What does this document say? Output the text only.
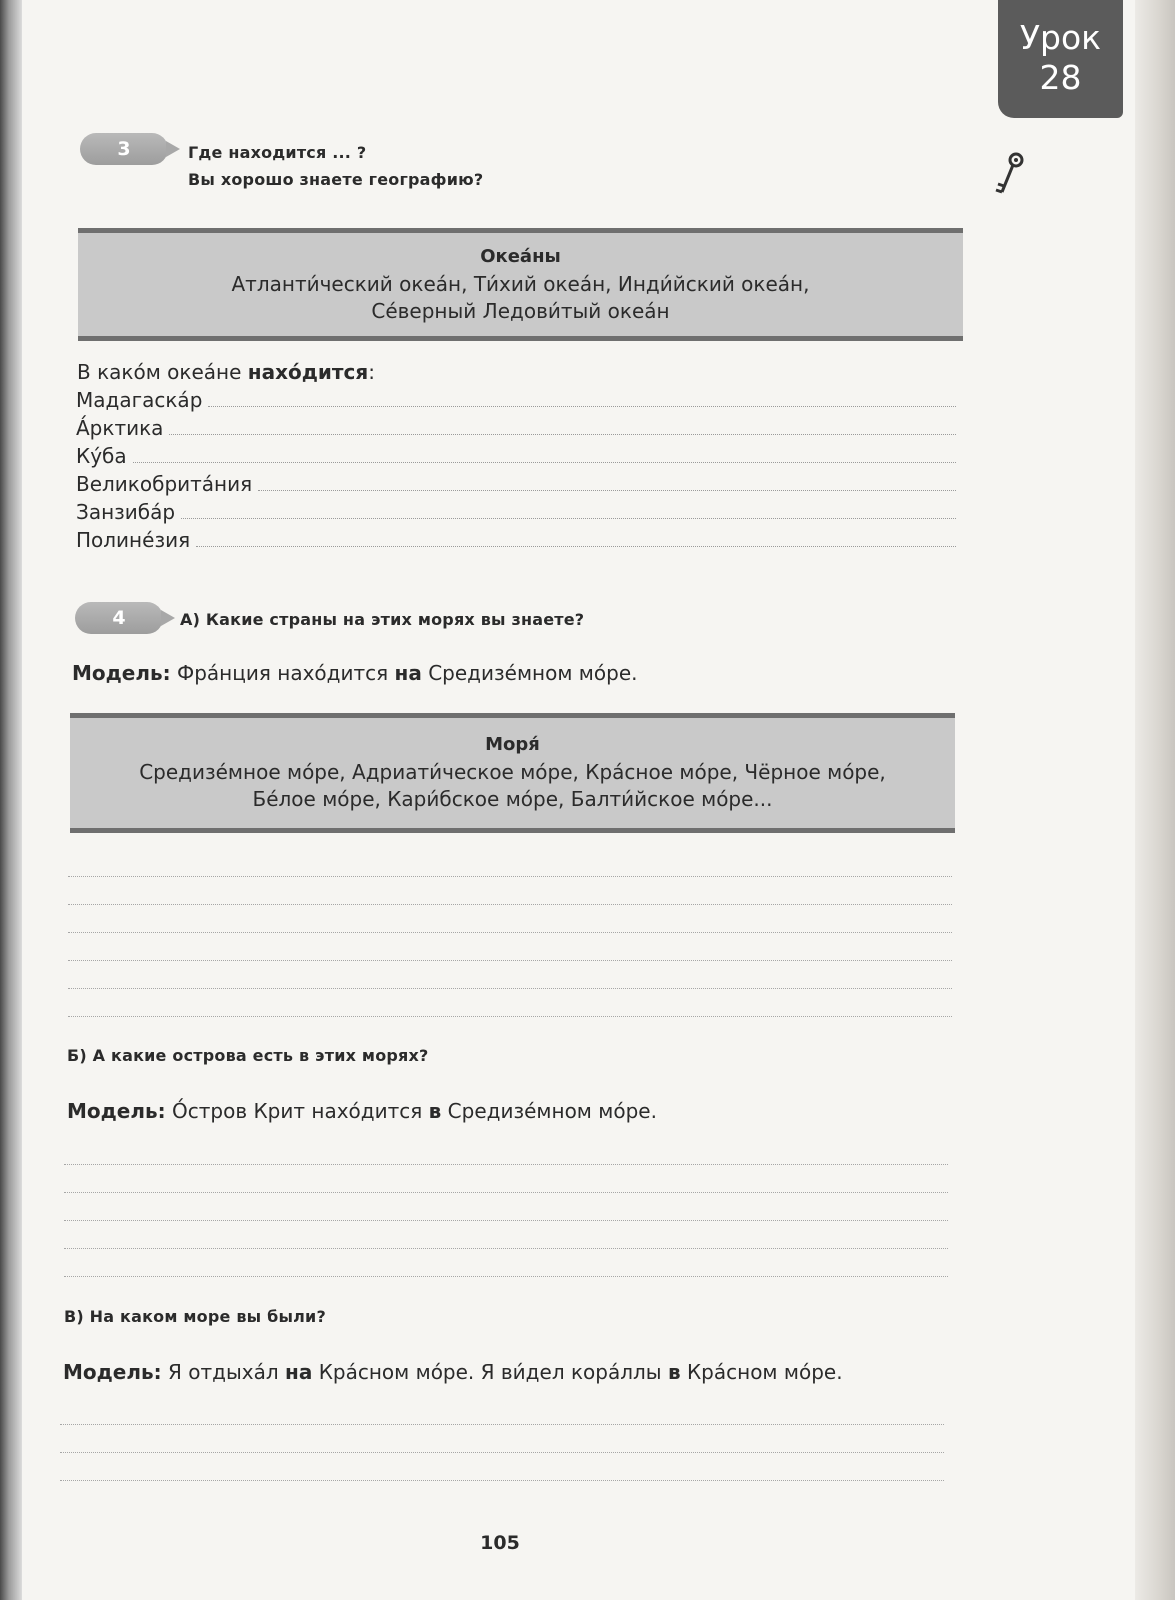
Урок
28
3	Где находится ... ?
Вы хорошо знаете географию?
Океа́ны
Атланти́ческий океа́н, Ти́хий океа́н, Инди́йский океа́н,
Се́верный Ледови́тый океа́н
В како́м океа́не нахо́дится:
Мадагаска́р
А́рктика
Ку́ба
Великобрита́ния
Занзиба́р
Полине́зия
4	А) Какие страны на этих морях вы знаете?
Модель: Фра́нция нахо́дится на Средизе́мном мо́ре.
Моря́
Средизе́мное мо́ре, Адриати́ческое мо́ре, Кра́сное мо́ре, Чёрное мо́ре,
Бе́лое мо́ре, Кари́бское мо́ре, Балти́йское мо́ре...
Б) А какие острова есть в этих морях?
Модель: О́стров Крит нахо́дится в Средизе́мном мо́ре.
В) На каком море вы были?
Модель: Я отдыха́л на Кра́сном мо́ре. Я ви́дел кора́ллы в Кра́сном мо́ре.
105
